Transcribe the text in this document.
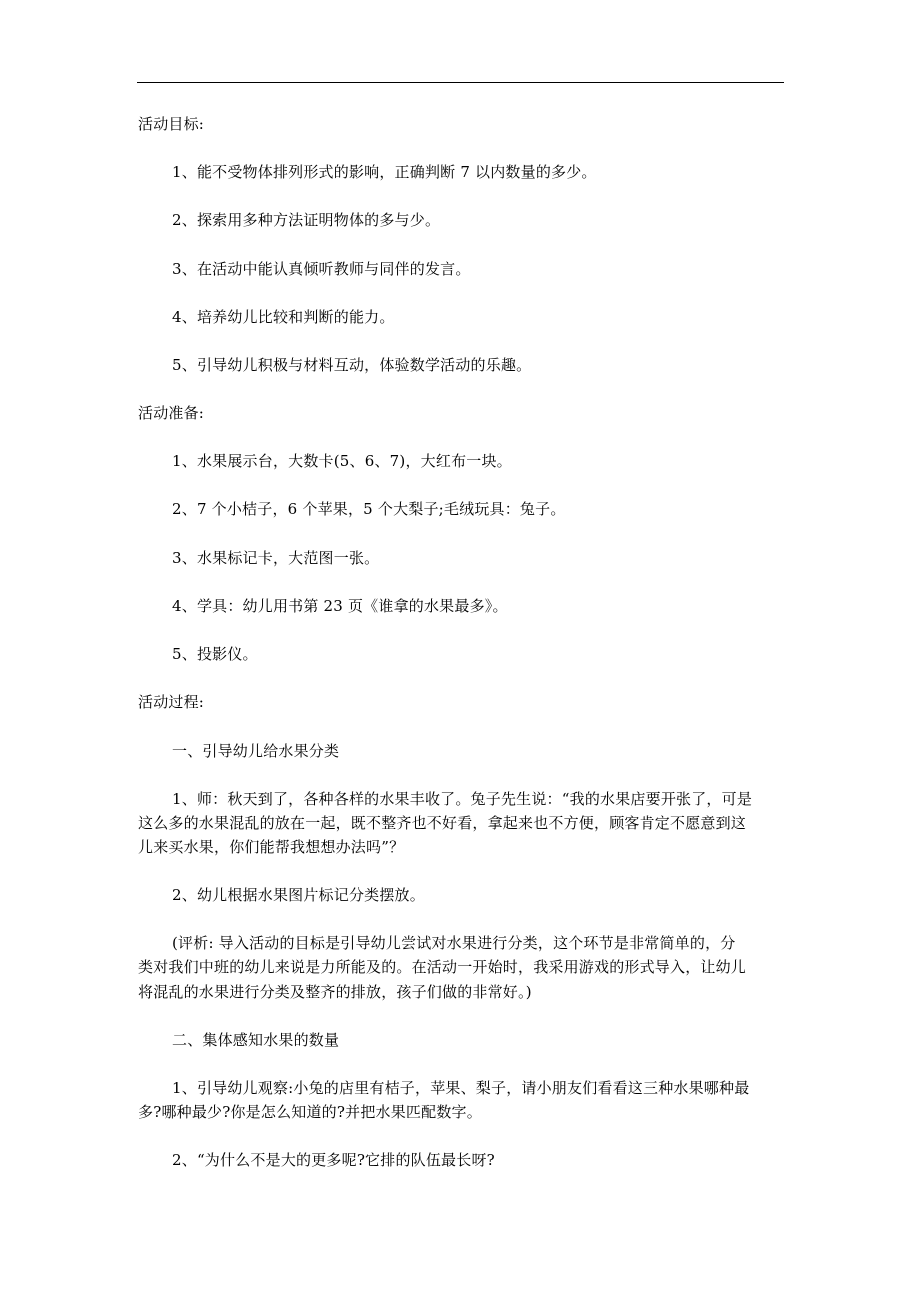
活动目标:
1、能不受物体排列形式的影响，正确判断 7 以内数量的多少。
2、探索用多种方法证明物体的多与少。
3、在活动中能认真倾听教师与同伴的发言。
4、培养幼儿比较和判断的能力。
5、引导幼儿积极与材料互动，体验数学活动的乐趣。
活动准备:
1、水果展示台，大数卡(5、6、7)，大红布一块。
2、7 个小桔子，6 个苹果，5 个大梨子;毛绒玩具：兔子。
3、水果标记卡，大范图一张。
4、学具：幼儿用书第 23 页《谁拿的水果最多》。
5、投影仪。
活动过程:
一、引导幼儿给水果分类
1、师：秋天到了，各种各样的水果丰收了。兔子先生说：“我的水果店要开张了，可是
这么多的水果混乱的放在一起，既不整齐也不好看，拿起来也不方便，顾客肯定不愿意到这
儿来买水果，你们能帮我想想办法吗”？
2、幼儿根据水果图片标记分类摆放。
(评析: 导入活动的目标是引导幼儿尝试对水果进行分类，这个环节是非常简单的，分
类对我们中班的幼儿来说是力所能及的。在活动一开始时，我采用游戏的形式导入，让幼儿
将混乱的水果进行分类及整齐的排放，孩子们做的非常好。)
二、集体感知水果的数量
1、引导幼儿观察:小兔的店里有桔子，苹果、梨子，请小朋友们看看这三种水果哪种最
多?哪种最少?你是怎么知道的?并把水果匹配数字。
2、“为什么不是大的更多呢?它排的队伍最长呀?
